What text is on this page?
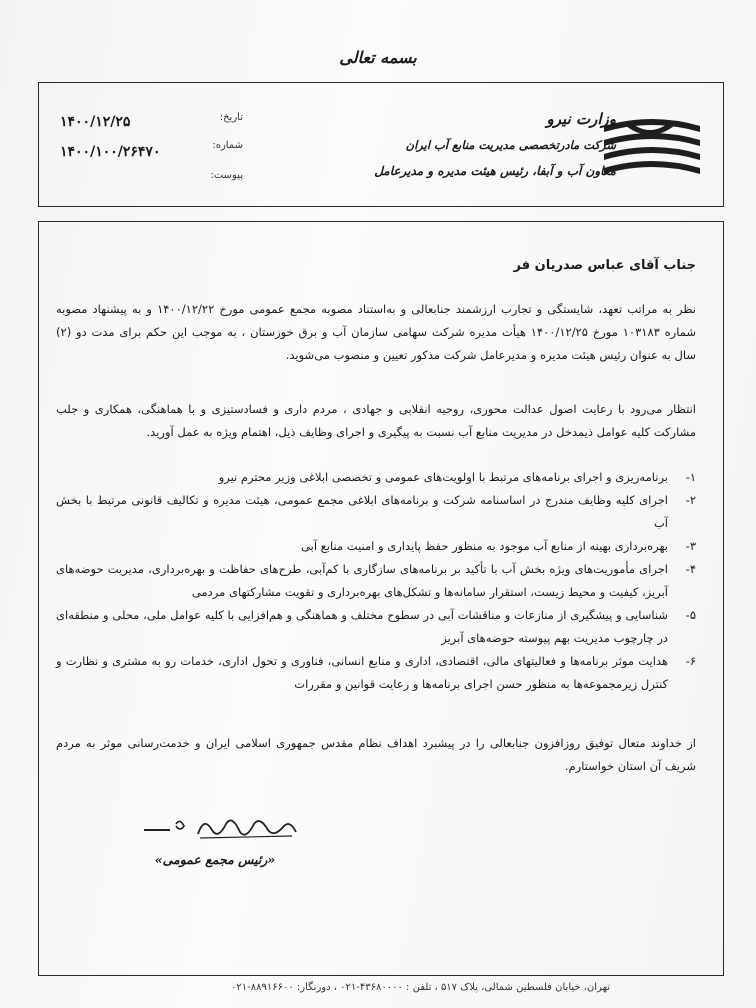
بسمه تعالی
وزارت نیرو
شرکت مادرتخصصی مدیریت منابع آب ایران
معاون آب و آبفا، رئیس هیئت مدیره و مدیرعامل
تاریخ:
۱۴۰۰/۱۲/۲۵
شماره:
۱۴۰۰/۱۰۰/۲۶۴۷۰
پیوست:
جناب آقای عباس صدریان فر
نظر به مراتب تعهد، شایستگی و تجارب ارزشمند جنابعالی و به‌استناد مصوبه مجمع عمومی مورخ ۱۴۰۰/۱۲/۲۲ و به پیشنهاد مصوبه شماره ۱۰۳۱۸۳ مورخ ۱۴۰۰/۱۲/۲۵ هیأت مدیره شرکت سهامی سازمان آب و برق خوزستان ، به موجب این حکم برای مدت دو (۲) سال به عنوان رئیس هیئت مدیره و مدیرعامل شرکت مذکور تعیین و منصوب می‌شوید.
انتظار می‌رود با رعایت اصول عدالت محوری، روحیه انقلابی و جهادی ، مردم داری و فسادستیزی و با هماهنگی، همکاری و جلب مشارکت کلیه عوامل ذیمدخل در مدیریت منابع آب نسبت به پیگیری و اجرای وظایف ذیل، اهتمام ویژه به عمل آورید.
۱-
برنامه‌ریزی و اجرای برنامه‌های مرتبط با اولویت‌های عمومی و تخصصی ابلاغی وزیر محترم نیرو
۲-
اجرای کلیه وظایف مندرج در اساسنامه شرکت و برنامه‌های ابلاغی مجمع عمومی، هیئت مدیره و تکالیف قانونی مرتبط با بخش آب
۳-
بهره‌برداری بهینه از منابع آب موجود به منظور حفظ پایداری و امنیت منابع آبی
۴-
اجرای مأموریت‌های ویژه بخش آب با تأکید بر برنامه‌های سازگاری با کم‌آبی، طرح‌های حفاظت و بهره‌برداری، مدیریت حوضه‌های آبریز، کیفیت و محیط زیست، استقرار سامانه‌ها و تشکل‌های بهره‌برداری و تقویت مشارکتهای مردمی
۵-
شناسایی و پیشگیری از منازعات و مناقشات آبی در سطوح مختلف و هماهنگی و هم‌افزایی با کلیه عوامل ملی، محلی و منطقه‌ای در چارچوب مدیریت بهم پیوسته حوضه‌های آبریز
۶-
هدایت موثر برنامه‌ها و فعالیتهای مالی، اقتصادی، اداری و منابع انسانی، فناوری و تحول اداری، خدمات رو به مشتری و نظارت و کنترل زیرمجموعه‌ها به منظور حسن اجرای برنامه‌ها و رعایت قوانین و مقررات
از خداوند متعال توفیق روزافزون جنابعالی را در پیشبرد اهداف نظام مقدس جمهوری اسلامی ایران و خدمت‌رسانی موثر به مردم شریف آن استان خواستارم.
«رئیس مجمع عمومی»
تهران، خیابان فلسطین شمالی، پلاک ۵۱۷ ، تلفن : ۴۳۶۸۰۰۰۰-۰۲۱ ، دورنگار: ۸۸۹۱۶۶۰۰-۰۲۱
